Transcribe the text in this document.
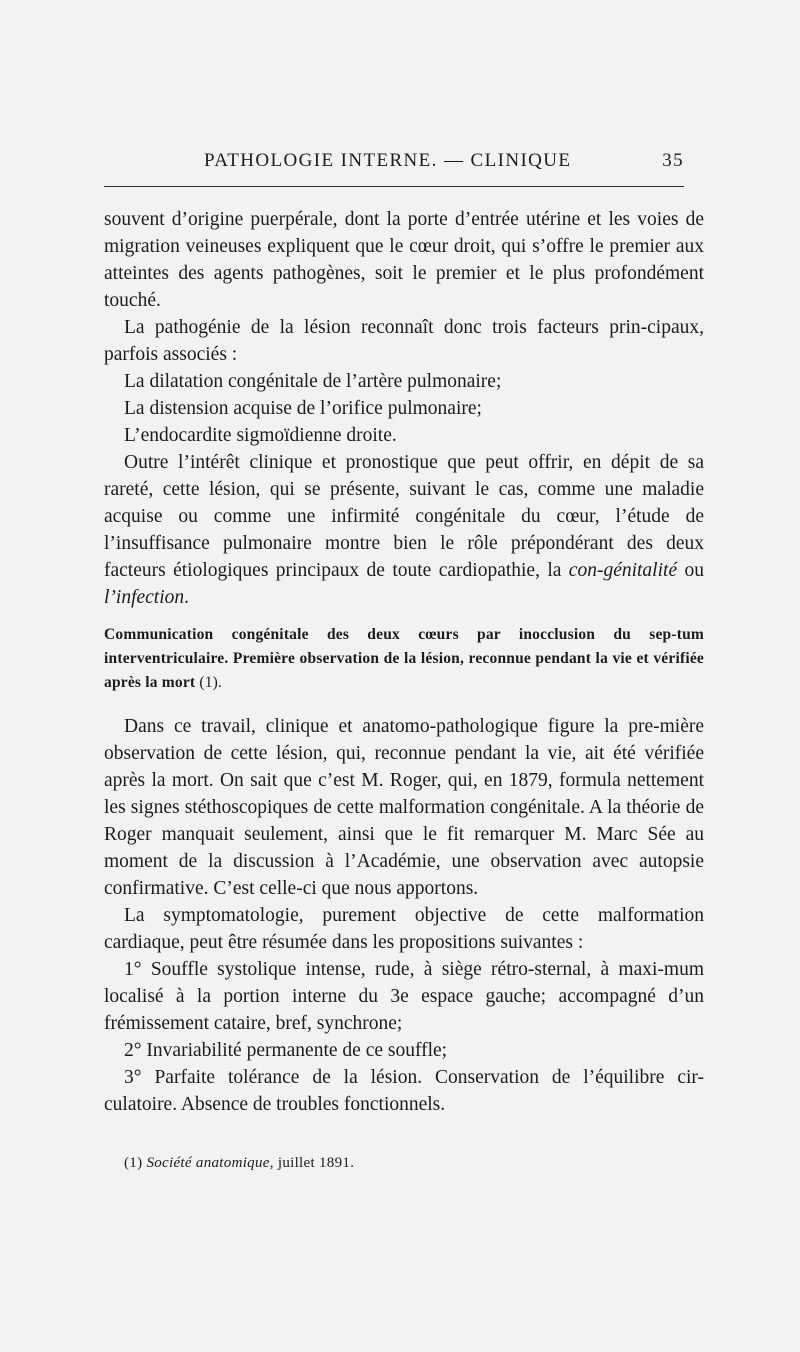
PATHOLOGIE INTERNE. — CLINIQUE	35

souvent d’origine puerpérale, dont la porte d’entrée utérine et les voies de migration veineuses expliquent que le cœur droit, qui s’offre le premier aux atteintes des agents pathogènes, soit le premier et le plus profondément touché.

La pathogénie de la lésion reconnaît donc trois facteurs prin-cipaux, parfois associés :

La dilatation congénitale de l’artère pulmonaire;

La distension acquise de l’orifice pulmonaire;

L’endocardite sigmoïdienne droite.

Outre l’intérêt clinique et pronostique que peut offrir, en dépit de sa rareté, cette lésion, qui se présente, suivant le cas, comme une maladie acquise ou comme une infirmité congénitale du cœur, l’étude de l’insuffisance pulmonaire montre bien le rôle prépondérant des deux facteurs étiologiques principaux de toute cardiopathie, la con-génitalité ou l’infection.

Communication congénitale des deux cœurs par inocclusion du sep-tum interventriculaire. Première observation de la lésion, reconnue pendant la vie et vérifiée après la mort (1).

Dans ce travail, clinique et anatomo-pathologique figure la pre-mière observation de cette lésion, qui, reconnue pendant la vie, ait été vérifiée après la mort. On sait que c’est M. Roger, qui, en 1879, formula nettement les signes stéthoscopiques de cette malformation congénitale. A la théorie de Roger manquait seulement, ainsi que le fit remarquer M. Marc Sée au moment de la discussion à l’Académie, une observation avec autopsie confirmative. C’est celle-ci que nous apportons.

La symptomatologie, purement objective de cette malformation cardiaque, peut être résumée dans les propositions suivantes :

1° Souffle systolique intense, rude, à siège rétro-sternal, à maxi-mum localisé à la portion interne du 3e espace gauche; accompagné d’un frémissement cataire, bref, synchrone;

2° Invariabilité permanente de ce souffle;

3° Parfaite tolérance de la lésion. Conservation de l’équilibre cir-culatoire. Absence de troubles fonctionnels.

(1) Société anatomique, juillet 1891.
